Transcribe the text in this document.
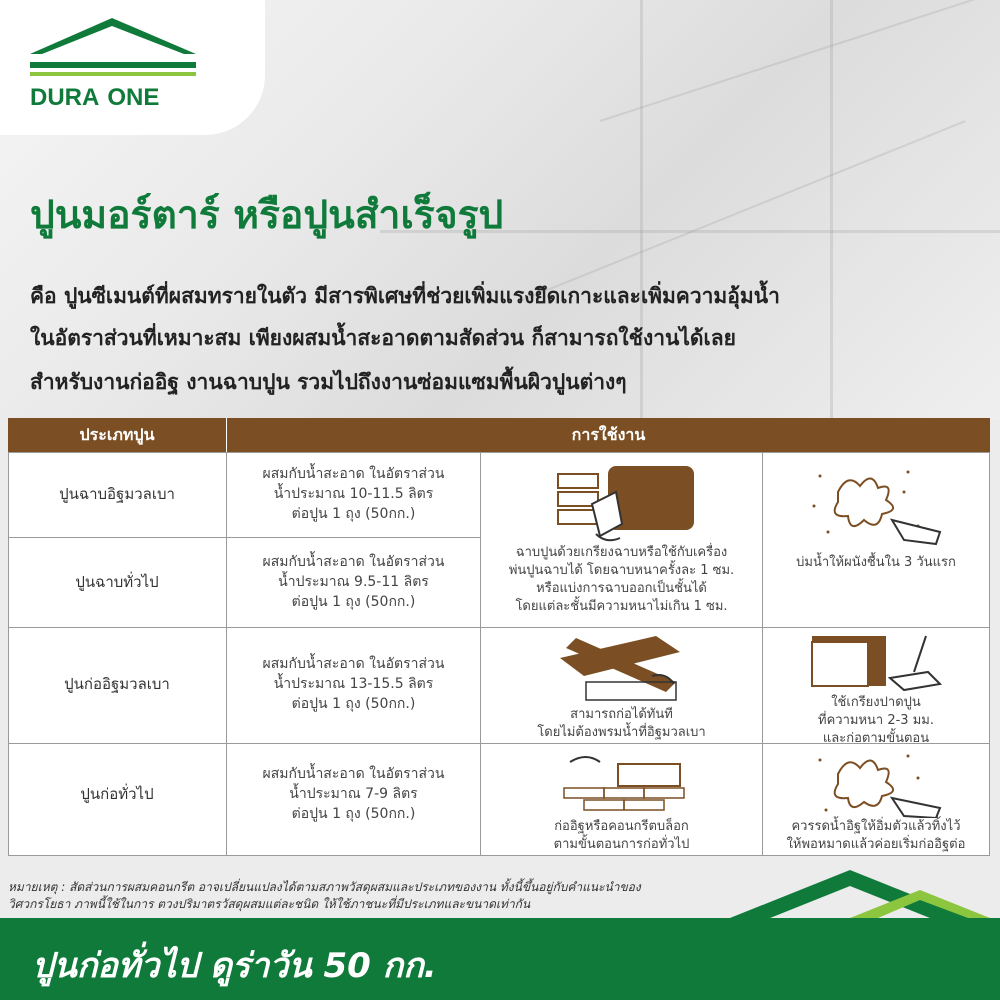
DURA ONE
ปูนมอร์ตาร์ หรือปูนสำเร็จรูป
คือ ปูนซีเมนต์ที่ผสมทรายในตัว มีสารพิเศษที่ช่วยเพิ่มแรงยึดเกาะและเพิ่มความอุ้มน้ำ
ในอัตราส่วนที่เหมาะสม เพียงผสมน้ำสะอาดตามสัดส่วน ก็สามารถใช้งานได้เลย
สำหรับงานก่ออิฐ งานฉาบปูน รวมไปถึงงานซ่อมแซมพื้นผิวปูนต่างๆ
ประเภทปูน	การใช้งาน
ปูนฉาบอิฐมวลเบา
ผสมกับน้ำสะอาด ในอัตราส่วน
น้ำประมาณ 10-11.5 ลิตร
ต่อปูน 1 ถุง (50กก.)
ปูนฉาบทั่วไป
ผสมกับน้ำสะอาด ในอัตราส่วน
น้ำประมาณ 9.5-11 ลิตร
ต่อปูน 1 ถุง (50กก.)
ฉาบปูนด้วยเกรียงฉาบหรือใช้กับเครื่อง
พ่นปูนฉาบได้ โดยฉาบหนาครั้งละ 1 ซม.
หรือแบ่งการฉาบออกเป็นชั้นได้
โดยแต่ละชั้นมีความหนาไม่เกิน 1 ซม.
บ่มน้ำให้ผนังชื้นใน 3 วันแรก
ปูนก่ออิฐมวลเบา
ผสมกับน้ำสะอาด ในอัตราส่วน
น้ำประมาณ 13-15.5 ลิตร
ต่อปูน 1 ถุง (50กก.)
สามารถก่อได้ทันที
โดยไม่ต้องพรมน้ำที่อิฐมวลเบา
ใช้เกรียงปาดปูน
ที่ความหนา 2-3 มม.
และก่อตามขั้นตอน
ปูนก่อทั่วไป
ผสมกับน้ำสะอาด ในอัตราส่วน
น้ำประมาณ 7-9 ลิตร
ต่อปูน 1 ถุง (50กก.)
ก่ออิฐหรือคอนกรีตบล็อก
ตามขั้นตอนการก่อทั่วไป
ควรรดน้ำอิฐให้อิ่มตัวแล้วทิ้งไว้
ให้พอหมาดแล้วค่อยเริ่มก่ออิฐต่อ
หมายเหตุ : สัดส่วนการผสมคอนกรีต อาจเปลี่ยนแปลงได้ตามสภาพวัสดุผสมและประเภทของงาน ทั้งนี้ขึ้นอยู่กับคำแนะนำของ
วิศวกรโยธา ภาพนี้ใช้ในการ ตวงปริมาตรวัสดุผสมแต่ละชนิด ให้ใช้ภาชนะที่มีประเภทและขนาดเท่ากัน
ปูนก่อทั่วไป ดูร่าวัน 50 กก.
